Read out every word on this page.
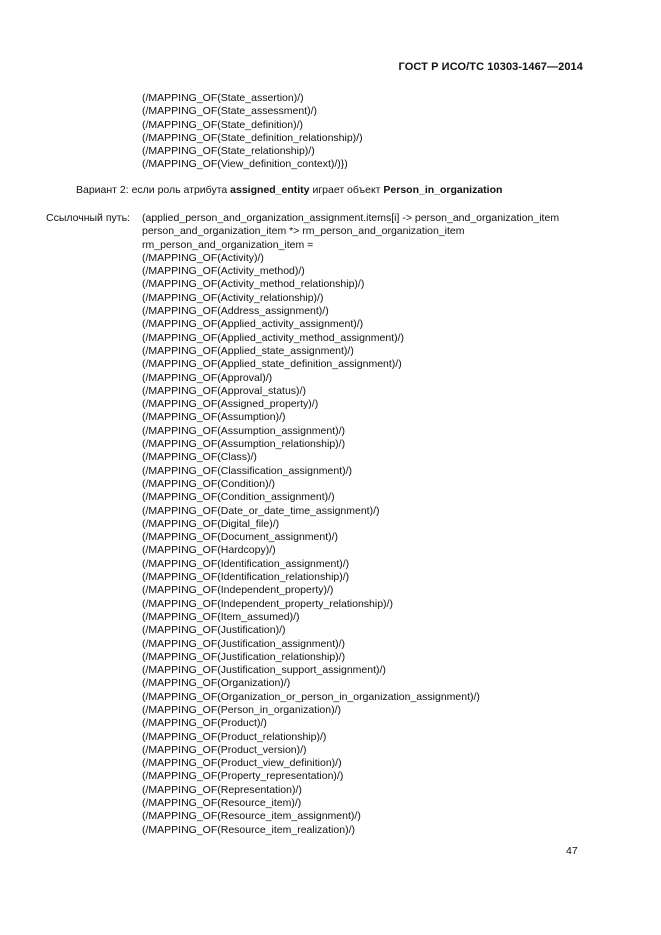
ГОСТ Р ИСО/ТС 10303-1467—2014
(/MAPPING_OF(State_assertion)/)
(/MAPPING_OF(State_assessment)/)
(/MAPPING_OF(State_definition)/)
(/MAPPING_OF(State_definition_relationship)/)
(/MAPPING_OF(State_relationship)/)
(/MAPPING_OF(View_definition_context)/)})
Вариант 2: если роль атрибута assigned_entity играет объект Person_in_organization
Ссылочный путь: (applied_person_and_organization_assignment.items[i] -> person_and_organization_item
person_and_organization_item *> rm_person_and_organization_item
rm_person_and_organization_item =
(/MAPPING_OF(Activity)/)
(/MAPPING_OF(Activity_method)/)
(/MAPPING_OF(Activity_method_relationship)/)
(/MAPPING_OF(Activity_relationship)/)
(/MAPPING_OF(Address_assignment)/)
(/MAPPING_OF(Applied_activity_assignment)/)
(/MAPPING_OF(Applied_activity_method_assignment)/)
(/MAPPING_OF(Applied_state_assignment)/)
(/MAPPING_OF(Applied_state_definition_assignment)/)
(/MAPPING_OF(Approval)/)
(/MAPPING_OF(Approval_status)/)
(/MAPPING_OF(Assigned_property)/)
(/MAPPING_OF(Assumption)/)
(/MAPPING_OF(Assumption_assignment)/)
(/MAPPING_OF(Assumption_relationship)/)
(/MAPPING_OF(Class)/)
(/MAPPING_OF(Classification_assignment)/)
(/MAPPING_OF(Condition)/)
(/MAPPING_OF(Condition_assignment)/)
(/MAPPING_OF(Date_or_date_time_assignment)/)
(/MAPPING_OF(Digital_file)/)
(/MAPPING_OF(Document_assignment)/)
(/MAPPING_OF(Hardcopy)/)
(/MAPPING_OF(Identification_assignment)/)
(/MAPPING_OF(Identification_relationship)/)
(/MAPPING_OF(Independent_property)/)
(/MAPPING_OF(Independent_property_relationship)/)
(/MAPPING_OF(Item_assumed)/)
(/MAPPING_OF(Justification)/)
(/MAPPING_OF(Justification_assignment)/)
(/MAPPING_OF(Justification_relationship)/)
(/MAPPING_OF(Justification_support_assignment)/)
(/MAPPING_OF(Organization)/)
(/MAPPING_OF(Organization_or_person_in_organization_assignment)/)
(/MAPPING_OF(Person_in_organization)/)
(/MAPPING_OF(Product)/)
(/MAPPING_OF(Product_relationship)/)
(/MAPPING_OF(Product_version)/)
(/MAPPING_OF(Product_view_definition)/)
(/MAPPING_OF(Property_representation)/)
(/MAPPING_OF(Representation)/)
(/MAPPING_OF(Resource_item)/)
(/MAPPING_OF(Resource_item_assignment)/)
(/MAPPING_OF(Resource_item_realization)/)
47
